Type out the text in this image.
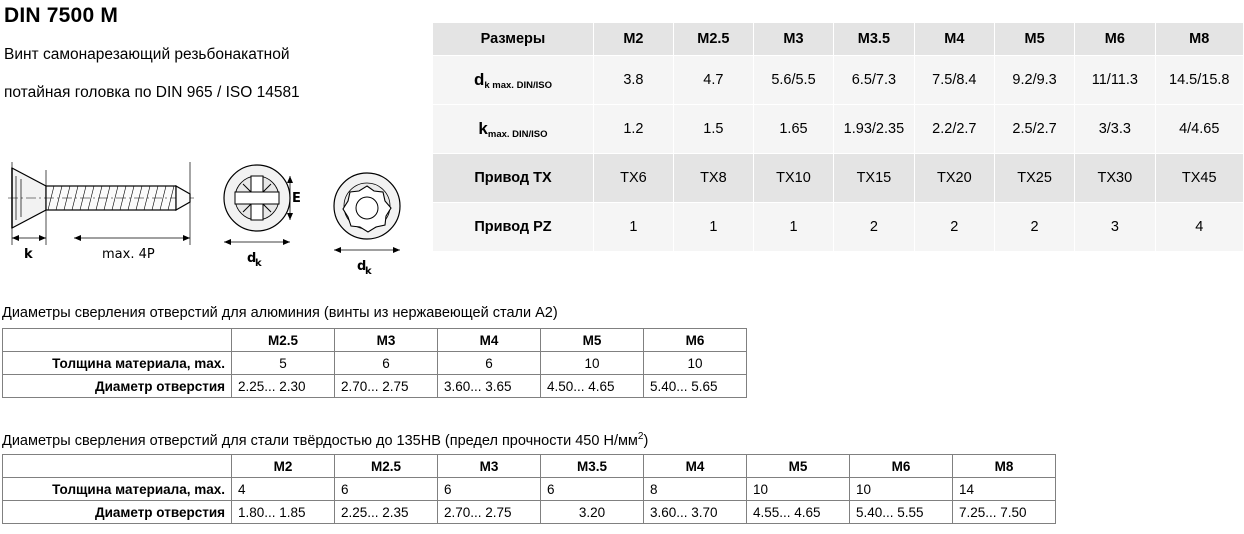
DIN 7500 M
Винт самонарезающий резьбонакатной
потайная головка по DIN 965 / ISO 14581
k	max. 4P
E
d
k	d
k
Размеры	M2	M2.5	M3	M3.5	M4	M5	M6	M8
$d_{k max. DIN/ISO}$	3.8	4.7	5.6/5.5	6.5/7.3	7.5/8.4	9.2/9.3	11/11.3	14.5/15.8
$k_{max. DIN/ISO}$	1.2	1.5	1.65	1.93/2.35	2.2/2.7	2.5/2.7	3/3.3	4/4.65
Привод TX	TX6	TX8	TX10	TX15	TX20	TX25	TX30	TX45
Привод PZ	1	1	1	2	2	2	3	4
Диаметры сверления отверстий для алюминия (винты из нержавеющей стали А2)
	M2.5	M3	M4	M5	M6
Толщина материала, max.	5	6	6	10	10
Диаметр отверстия	2.25... 2.30	2.70... 2.75	3.60... 3.65	4.50... 4.65	5.40... 5.65
Диаметры сверления отверстий для стали твёрдостью до 135HB (предел прочности 450 $Н/мм^2$)
	M2	M2.5	M3	M3.5	M4	M5	M6	M8
Толщина материала, max.	4	6	6	6	8	10	10	14
Диаметр отверстия	1.80... 1.85	2.25... 2.35	2.70... 2.75	3.20	3.60... 3.70	4.55... 4.65	5.40... 5.55	7.25... 7.50
